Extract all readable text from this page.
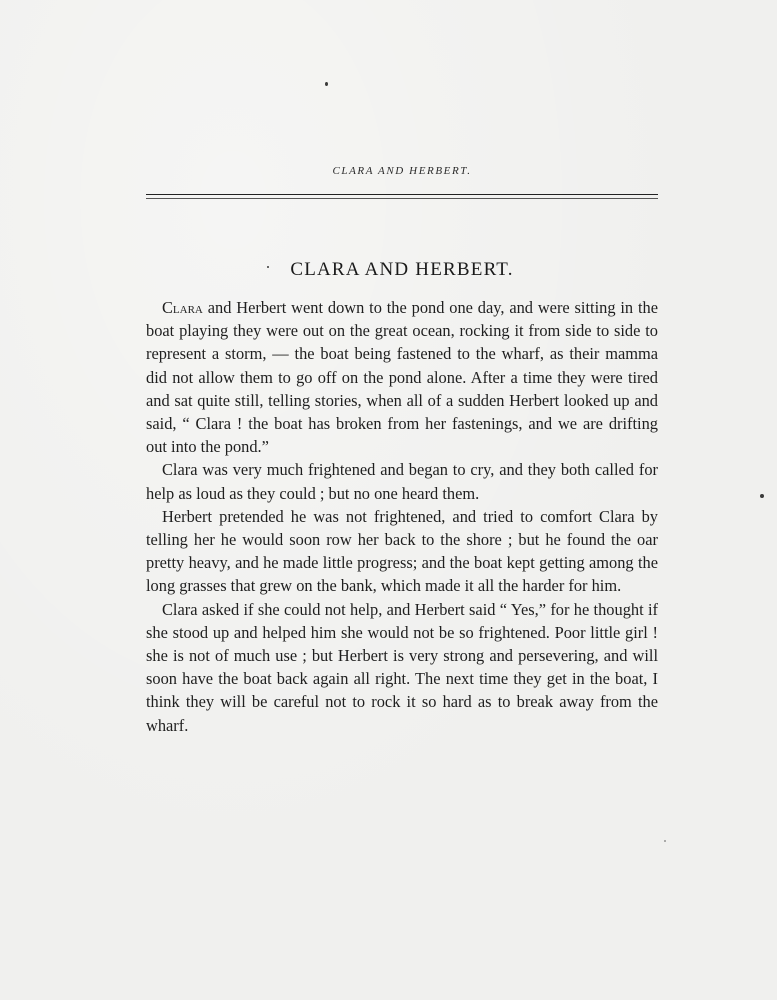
CLARA AND HERBERT.
CLARA AND HERBERT.

Clara and Herbert went down to the pond one day, and were sitting in the boat playing they were out on the great ocean, rocking it from side to side to represent a storm, — the boat being fastened to the wharf, as their mamma did not allow them to go off on the pond alone. After a time they were tired and sat quite still, telling stories, when all of a sudden Herbert looked up and said, “ Clara ! the boat has broken from her fastenings, and we are drifting out into the pond.”

Clara was very much frightened and began to cry, and they both called for help as loud as they could ; but no one heard them.

Herbert pretended he was not frightened, and tried to comfort Clara by telling her he would soon row her back to the shore ; but he found the oar pretty heavy, and he made little progress; and the boat kept getting among the long grasses that grew on the bank, which made it all the harder for him.

Clara asked if she could not help, and Herbert said “ Yes,” for he thought if she stood up and helped him she would not be so frightened. Poor little girl ! she is not of much use ; but Herbert is very strong and persevering, and will soon have the boat back again all right. The next time they get in the boat, I think they will be careful not to rock it so hard as to break away from the wharf.
